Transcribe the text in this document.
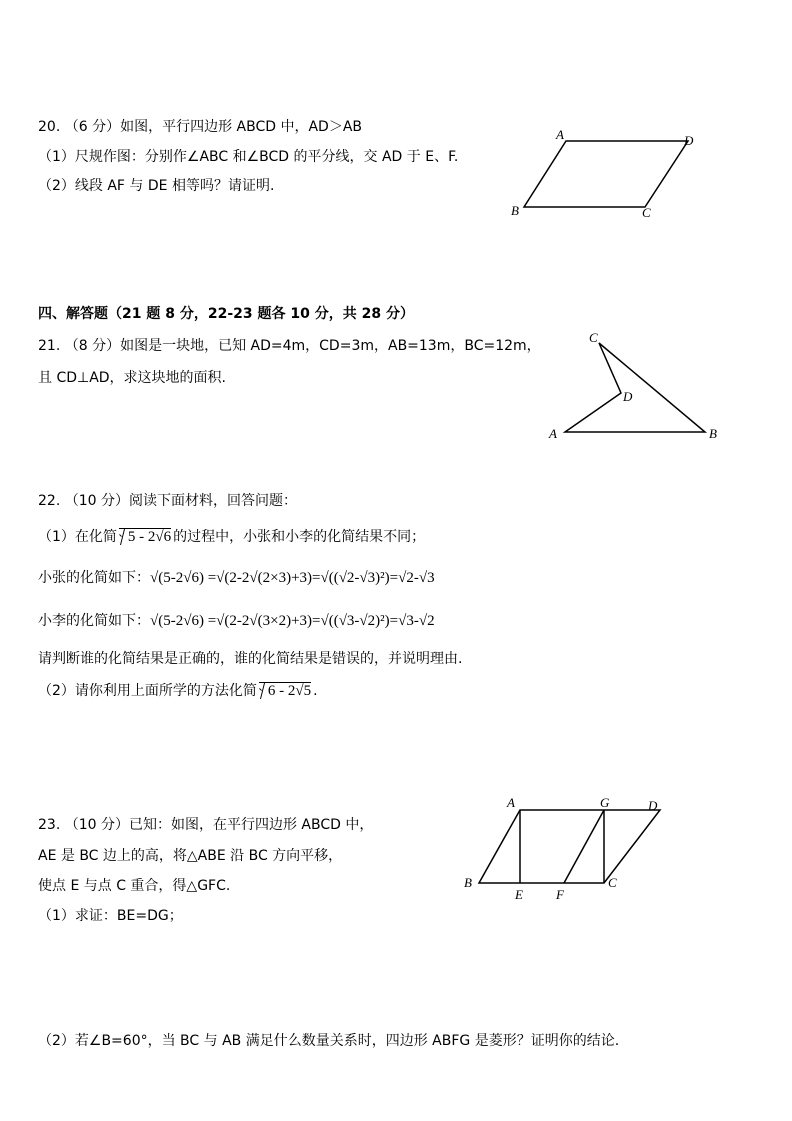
20. （6 分）如图，平行四边形 ABCD 中，AD＞AB
（1）尺规作图：分别作∠ABC 和∠BCD 的平分线，交 AD 于 E、F.
（2）线段 AF 与 DE 相等吗？请证明.
A	D
B	C
四、解答题（21 题 8 分，22-23 题各 10 分，共 28 分）
21. （8 分）如图是一块地，已知 AD=4m，CD=3m，AB=13m，BC=12m，
且 CD⊥AD，求这块地的面积.
C
D
A	B
22. （10 分）阅读下面材料，回答问题：
（1）在化简 5 - 2√6 的过程中，小张和小李的化简结果不同；
小张的化简如下：√(5-2√6) =√(2-2√(2×3)+3)=√((√2-√3)²)=√2-√3
小李的化简如下：√(5-2√6) =√(2-2√(3×2)+3)=√((√3-√2)²)=√3-√2
请判断谁的化简结果是正确的，谁的化简结果是错误的，并说明理由.
（2）请你利用上面所学的方法化简 6 - 2√5 .
23. （10 分）已知：如图，在平行四边形 ABCD 中，
AE 是 BC 边上的高，将△ABE 沿 BC 方向平移，
使点 E 与点 C 重合，得△GFC.
（1）求证：BE=DG；
（2）若∠B=60°，当 BC 与 AB 满足什么数量关系时，四边形 ABFG 是菱形？证明你的结论.
A	G	D
B
E	F
C
